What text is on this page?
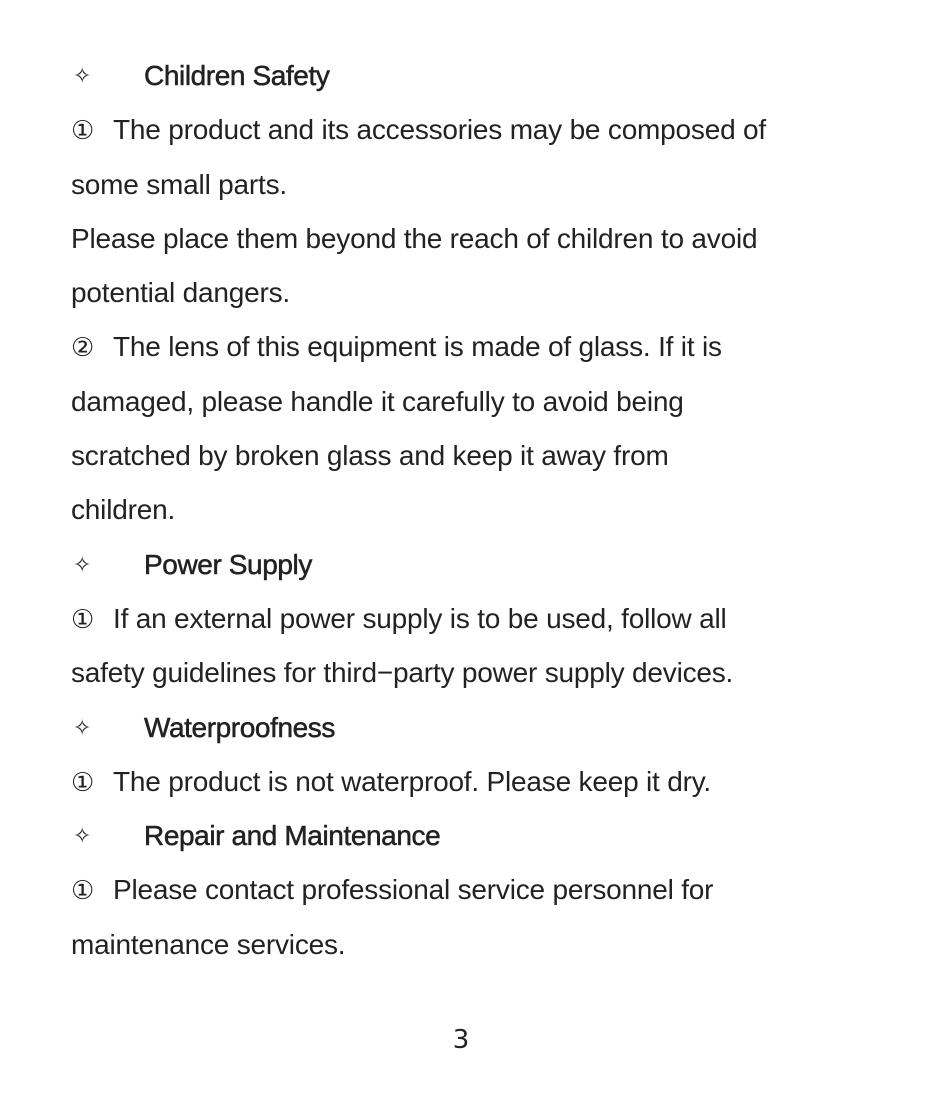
✧	Children Safety
① The product and its accessories may be composed of
some small parts.
Please place them beyond the reach of children to avoid
potential dangers.
② The lens of this equipment is made of glass. If it is
damaged, please handle it carefully to avoid being
scratched by broken glass and keep it away from
children.
✧	Power Supply
① If an external power supply is to be used, follow all
safety guidelines for third−party power supply devices.
✧	Waterproofness
① The product is not waterproof. Please keep it dry.
✧	Repair and Maintenance
① Please contact professional service personnel for
maintenance services.
3
